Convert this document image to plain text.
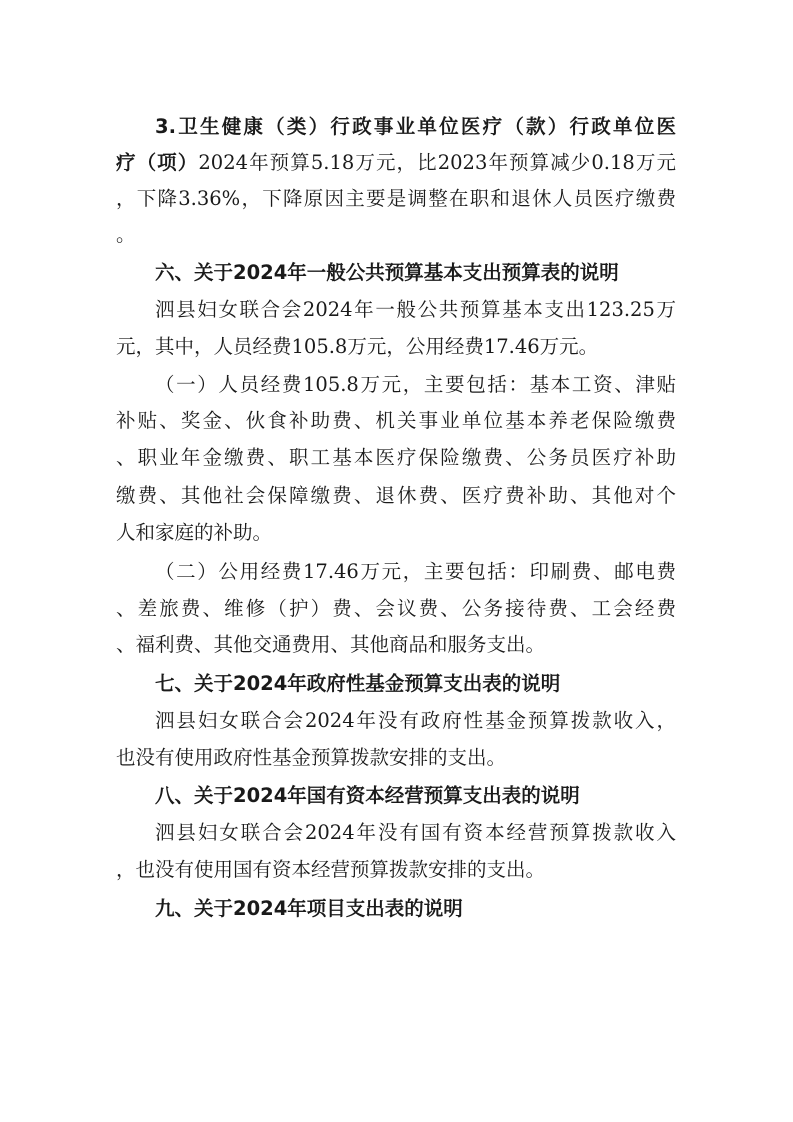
3.卫生健康（类）行政事业单位医疗（款）行政单位医
疗（项）2024年预算5.18万元，比2023年预算减少0.18万元
，下降3.36%，下降原因主要是调整在职和退休人员医疗缴费
。
六、关于2024年一般公共预算基本支出预算表的说明
泗县妇女联合会2024年一般公共预算基本支出123.25万
元，其中，人员经费105.8万元，公用经费17.46万元。
（一）人员经费105.8万元，主要包括：基本工资、津贴
补贴、奖金、伙食补助费、机关事业单位基本养老保险缴费
、职业年金缴费、职工基本医疗保险缴费、公务员医疗补助
缴费、其他社会保障缴费、退休费、医疗费补助、其他对个
人和家庭的补助。
（二）公用经费17.46万元，主要包括：印刷费、邮电费
、差旅费、维修（护）费、会议费、公务接待费、工会经费
、福利费、其他交通费用、其他商品和服务支出。
七、关于2024年政府性基金预算支出表的说明
泗县妇女联合会2024年没有政府性基金预算拨款收入，
也没有使用政府性基金预算拨款安排的支出。
八、关于2024年国有资本经营预算支出表的说明
泗县妇女联合会2024年没有国有资本经营预算拨款收入
，也没有使用国有资本经营预算拨款安排的支出。
九、关于2024年项目支出表的说明
